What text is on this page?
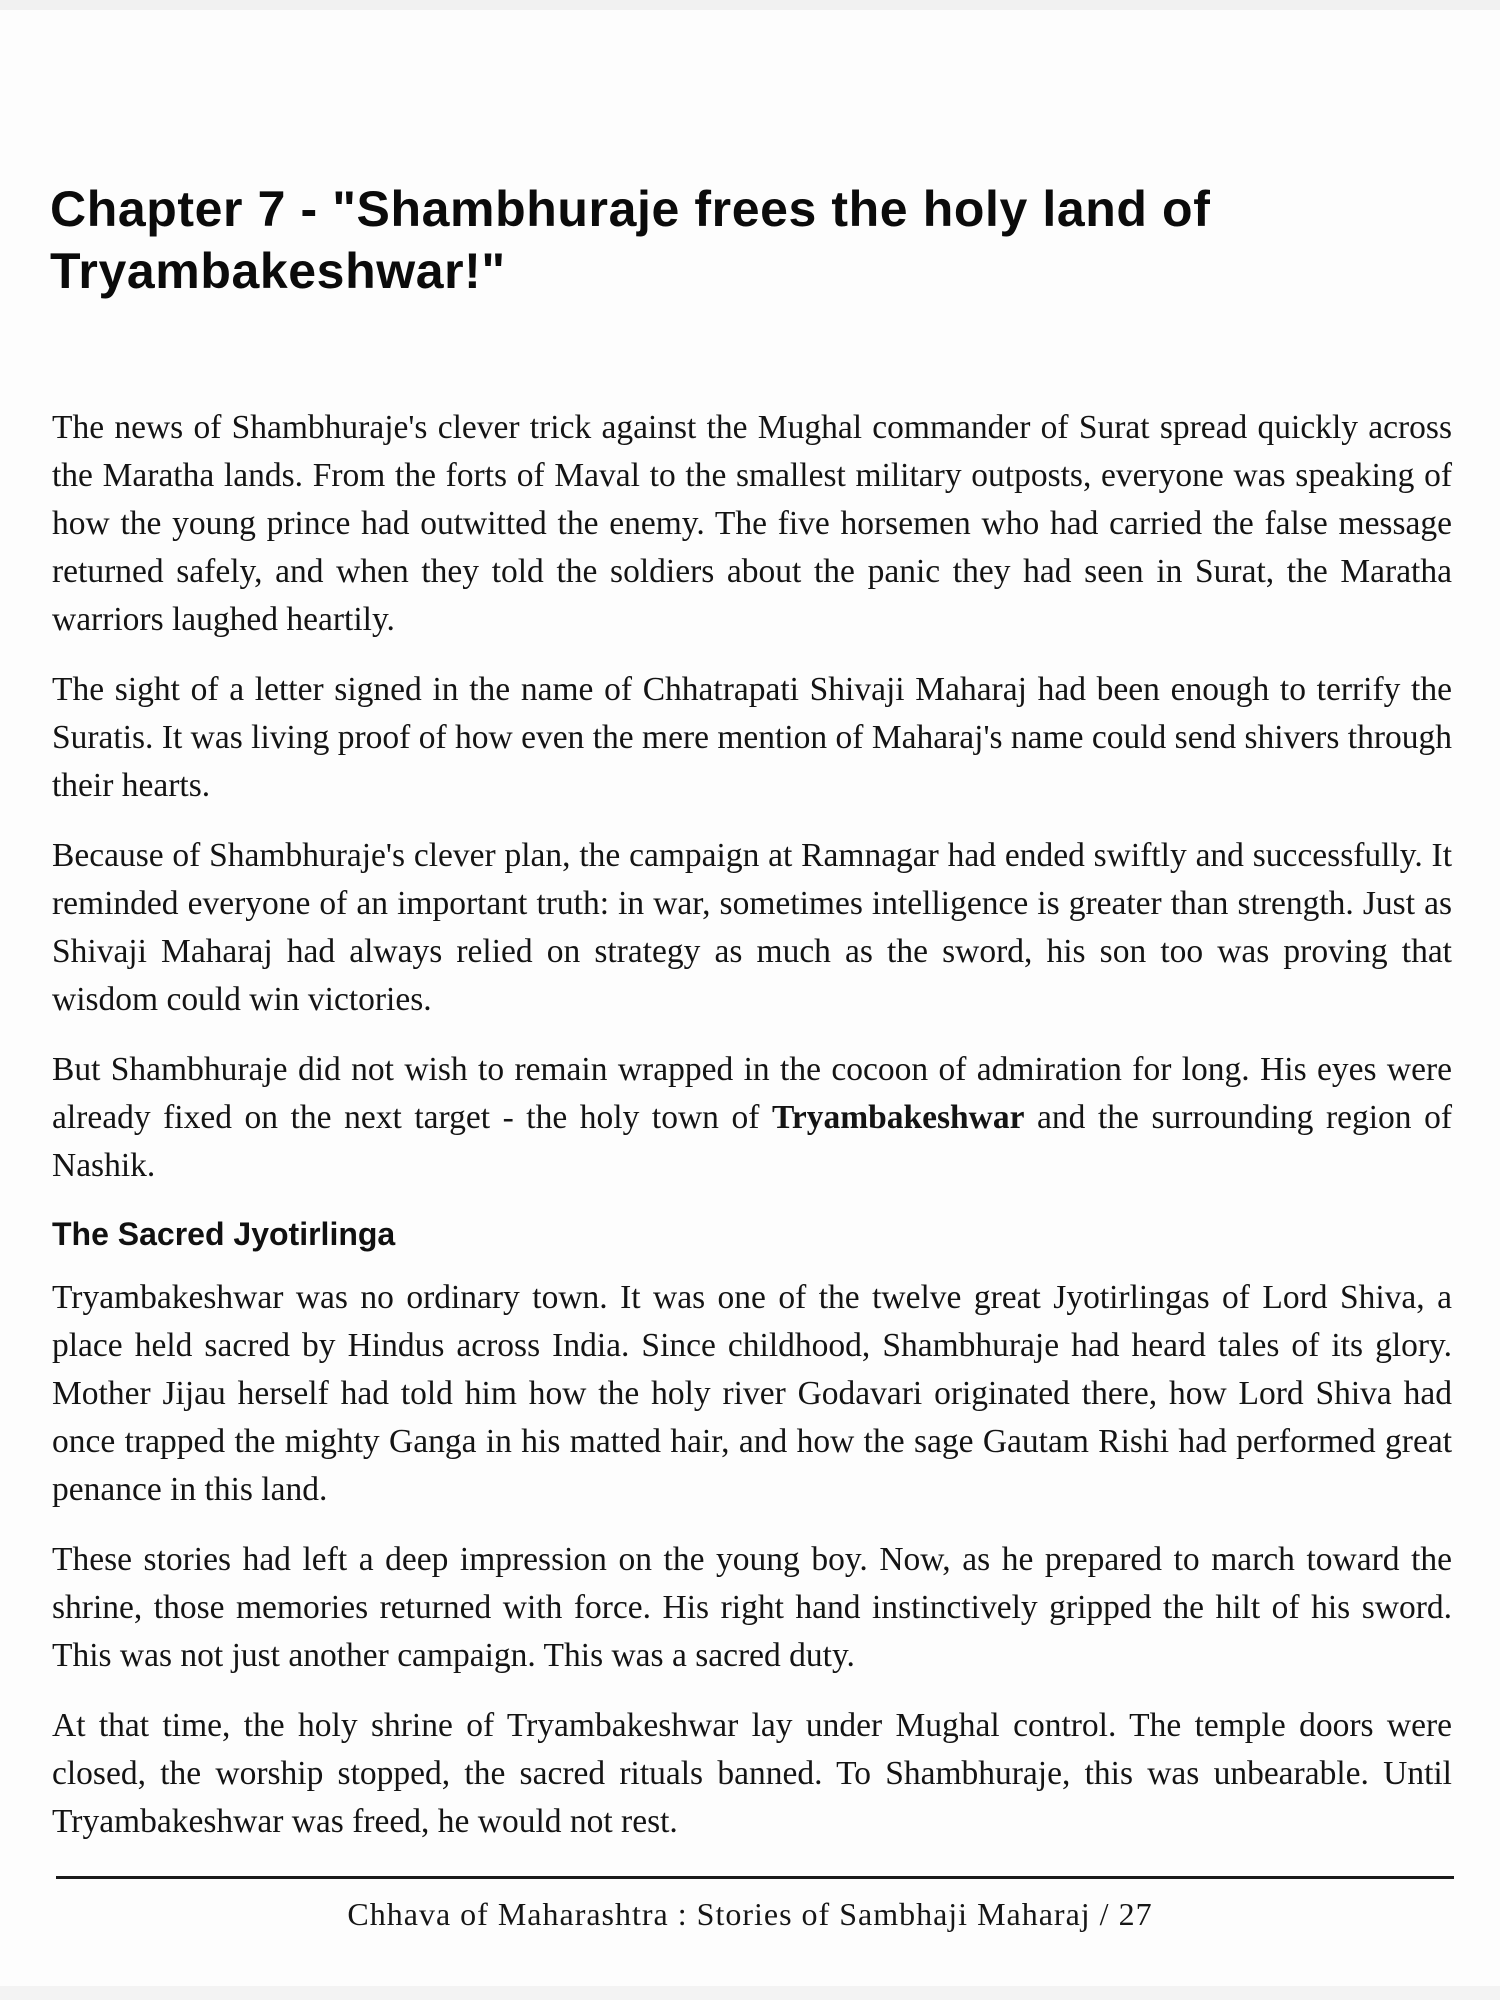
Chapter 7 - "Shambhuraje frees the holy land of Tryambakeshwar!"

The news of Shambhuraje's clever trick against the Mughal commander of Surat spread quickly across the Maratha lands. From the forts of Maval to the smallest military outposts, everyone was speaking of how the young prince had outwitted the enemy. The five horsemen who had carried the false message returned safely, and when they told the soldiers about the panic they had seen in Surat, the Maratha warriors laughed heartily.

The sight of a letter signed in the name of Chhatrapati Shivaji Maharaj had been enough to terrify the Suratis. It was living proof of how even the mere mention of Maharaj's name could send shivers through their hearts.

Because of Shambhuraje's clever plan, the campaign at Ramnagar had ended swiftly and successfully. It reminded everyone of an important truth: in war, sometimes intelligence is greater than strength. Just as Shivaji Maharaj had always relied on strategy as much as the sword, his son too was proving that wisdom could win victories.

But Shambhuraje did not wish to remain wrapped in the cocoon of admiration for long. His eyes were already fixed on the next target - the holy town of Tryambakeshwar and the surrounding region of Nashik.

The Sacred Jyotirlinga

Tryambakeshwar was no ordinary town. It was one of the twelve great Jyotirlingas of Lord Shiva, a place held sacred by Hindus across India. Since childhood, Shambhuraje had heard tales of its glory. Mother Jijau herself had told him how the holy river Godavari originated there, how Lord Shiva had once trapped the mighty Ganga in his matted hair, and how the sage Gautam Rishi had performed great penance in this land.

These stories had left a deep impression on the young boy. Now, as he prepared to march toward the shrine, those memories returned with force. His right hand instinctively gripped the hilt of his sword. This was not just another campaign. This was a sacred duty.

At that time, the holy shrine of Tryambakeshwar lay under Mughal control. The temple doors were closed, the worship stopped, the sacred rituals banned. To Shambhuraje, this was unbearable. Until Tryambakeshwar was freed, he would not rest.

Chhava of Maharashtra : Stories of Sambhaji Maharaj / 27
